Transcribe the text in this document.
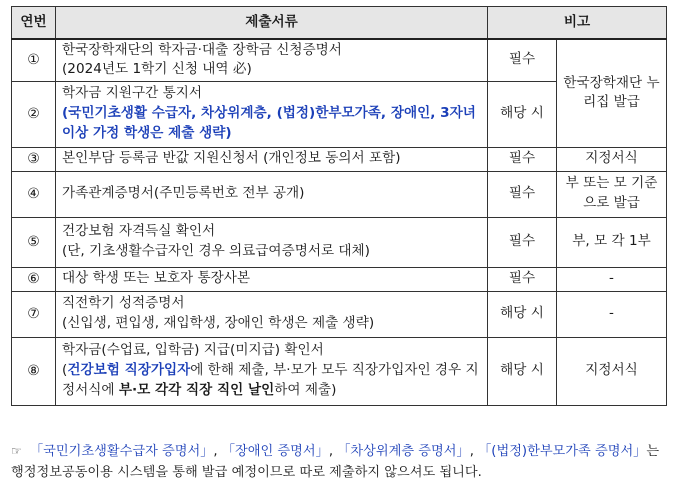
연번	제출서류	비고	
①	한국장학재단의 학자금·대출 장학금 신청증명서
(2024년도 1학기 신청 내역 必)	필수	한국장학재단 누리집 발급
②	학자금 지원구간 통지서
(국민기초생활 수급자, 차상위계층, (법정)한부모가족, 장애인, 3자녀 이상 가정 학생은 제출 생략)	해당 시	
③	본인부담 등록금 반값 지원신청서 (개인정보 동의서 포함)	필수	지정서식
④	가족관계증명서(주민등록번호 전부 공개)	필수	부 또는 모 기준으로 발급
⑤	건강보험 자격득실 확인서
(단, 기초생활수급자인 경우 의료급여증명서로 대체)	필수	부, 모 각 1부
⑥	대상 학생 또는 보호자 통장사본	필수	-
⑦	직전학기 성적증명서
(신입생, 편입생, 재입학생, 장애인 학생은 제출 생략)	해당 시	-
⑧	학자금(수업료, 입학금) 지급(미지급) 확인서
(건강보험 직장가입자에 한해 제출, 부·모가 모두 직장가입자인 경우 지정서식에 부·모 각각 직장 직인 날인하여 제출)	해당 시	지정서식
☞ 「국민기초생활수급자 증명서」, 「장애인 증명서」, 「차상위계층 증명서」, 「(법정)한부모가족 증명서」는 행정정보공동이용 시스템을 통해 발급 예정이므로 따로 제출하지 않으셔도 됩니다.
